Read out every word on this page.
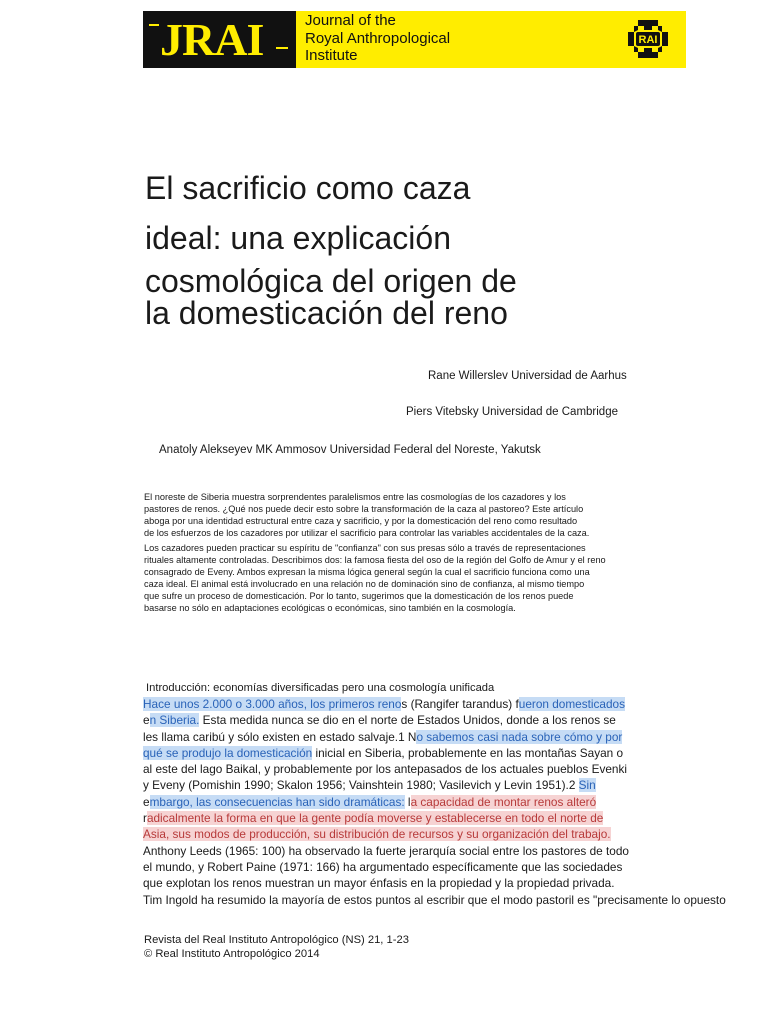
JRAI	Journal of the
Royal Anthropological
Institute
RAI
El sacrificio como caza
ideal: una explicación
cosmológica del origen de
la domesticación del reno
Rane Willerslev Universidad de Aarhus
Piers Vitebsky Universidad de Cambridge
Anatoly Alekseyev MK Ammosov Universidad Federal del Noreste, Yakutsk
El noreste de Siberia muestra sorprendentes paralelismos entre las cosmologías de los cazadores y los
pastores de renos. ¿Qué nos puede decir esto sobre la transformación de la caza al pastoreo? Este artículo
aboga por una identidad estructural entre caza y sacrificio, y por la domesticación del reno como resultado
de los esfuerzos de los cazadores por utilizar el sacrificio para controlar las variables accidentales de la caza.
Los cazadores pueden practicar su espíritu de "confianza" con sus presas sólo a través de representaciones
rituales altamente controladas. Describimos dos: la famosa fiesta del oso de la región del Golfo de Amur y el reno
consagrado de Eveny. Ambos expresan la misma lógica general según la cual el sacrificio funciona como una
caza ideal. El animal está involucrado en una relación no de dominación sino de confianza, al mismo tiempo
que sufre un proceso de domesticación. Por lo tanto, sugerimos que la domesticación de los renos puede
basarse no sólo en adaptaciones ecológicas o económicas, sino también en la cosmología.
Introducción: economías diversificadas pero una cosmología unificada
Hace unos 2.000 o 3.000 años, los primeros renos (Rangifer tarandus) fueron domesticados
en Siberia. Esta medida nunca se dio en el norte de Estados Unidos, donde a los renos se
les llama caribú y sólo existen en estado salvaje.1 No sabemos casi nada sobre cómo y por
qué se produjo la domesticación inicial en Siberia, probablemente en las montañas Sayan o
al este del lago Baikal, y probablemente por los antepasados de los actuales pueblos Evenki
y Eveny (Pomishin 1990; Skalon 1956; Vainshtein 1980; Vasilevich y Levin 1951).2 Sin
embargo, las consecuencias han sido dramáticas: la capacidad de montar renos alteró
radicalmente la forma en que la gente podía moverse y establecerse en todo el norte de
Asia, sus modos de producción, su distribución de recursos y su organización del trabajo.
Anthony Leeds (1965: 100) ha observado la fuerte jerarquía social entre los pastores de todo
el mundo, y Robert Paine (1971: 166) ha argumentado específicamente que las sociedades
que explotan los renos muestran un mayor énfasis en la propiedad y la propiedad privada.
Tim Ingold ha resumido la mayoría de estos puntos al escribir que el modo pastoril es "precisamente lo opuesto
Revista del Real Instituto Antropológico (NS) 21, 1-23
© Real Instituto Antropológico 2014
